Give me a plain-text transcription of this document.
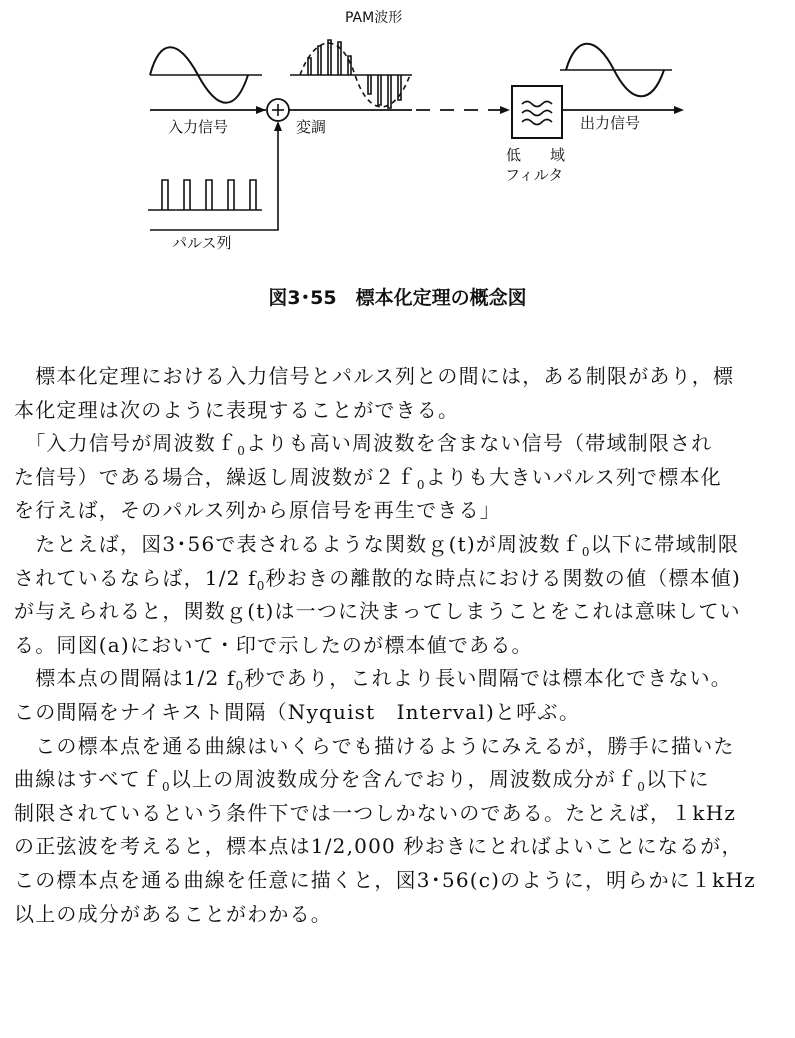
入力信号	変調
パルス列
PAM波形
低 域
フィルタ
出力信号
図3･55　標本化定理の概念図
　標本化定理における入力信号とパルス列との間には，ある制限があり，標
本化定理は次のように表現することができる。
　「入力信号が周波数ｆ$_0$よりも高い周波数を含まない信号（帯域制限され
た信号）である場合，繰返し周波数が２ｆ$_0$よりも大きいパルス列で標本化
を行えば，そのパルス列から原信号を再生できる」
　たとえば，図3･56で表されるような関数ｇ(t)が周波数ｆ$_0$以下に帯域制限
されているならば，1/2 $f_0$秒おきの離散的な時点における関数の値（標本値)
が与えられると，関数ｇ(t)は一つに決まってしまうことをこれは意味してい
る。同図(a)において・印で示したのが標本値である。
　標本点の間隔は1/2 $f_0$秒であり，これより長い間隔では標本化できない。
この間隔をナイキスト間隔（Nyquist　Interval)と呼ぶ。
　この標本点を通る曲線はいくらでも描けるようにみえるが，勝手に描いた
曲線はすべてｆ$_0$以上の周波数成分を含んでおり，周波数成分がｆ$_0$以下に
制限されているという条件下では一つしかないのである。たとえば，１kHz
の正弦波を考えると，標本点は1/2,000 秒おきにとればよいことになるが，
この標本点を通る曲線を任意に描くと，図3･56(c)のように，明らかに１kHz
以上の成分があることがわかる。
